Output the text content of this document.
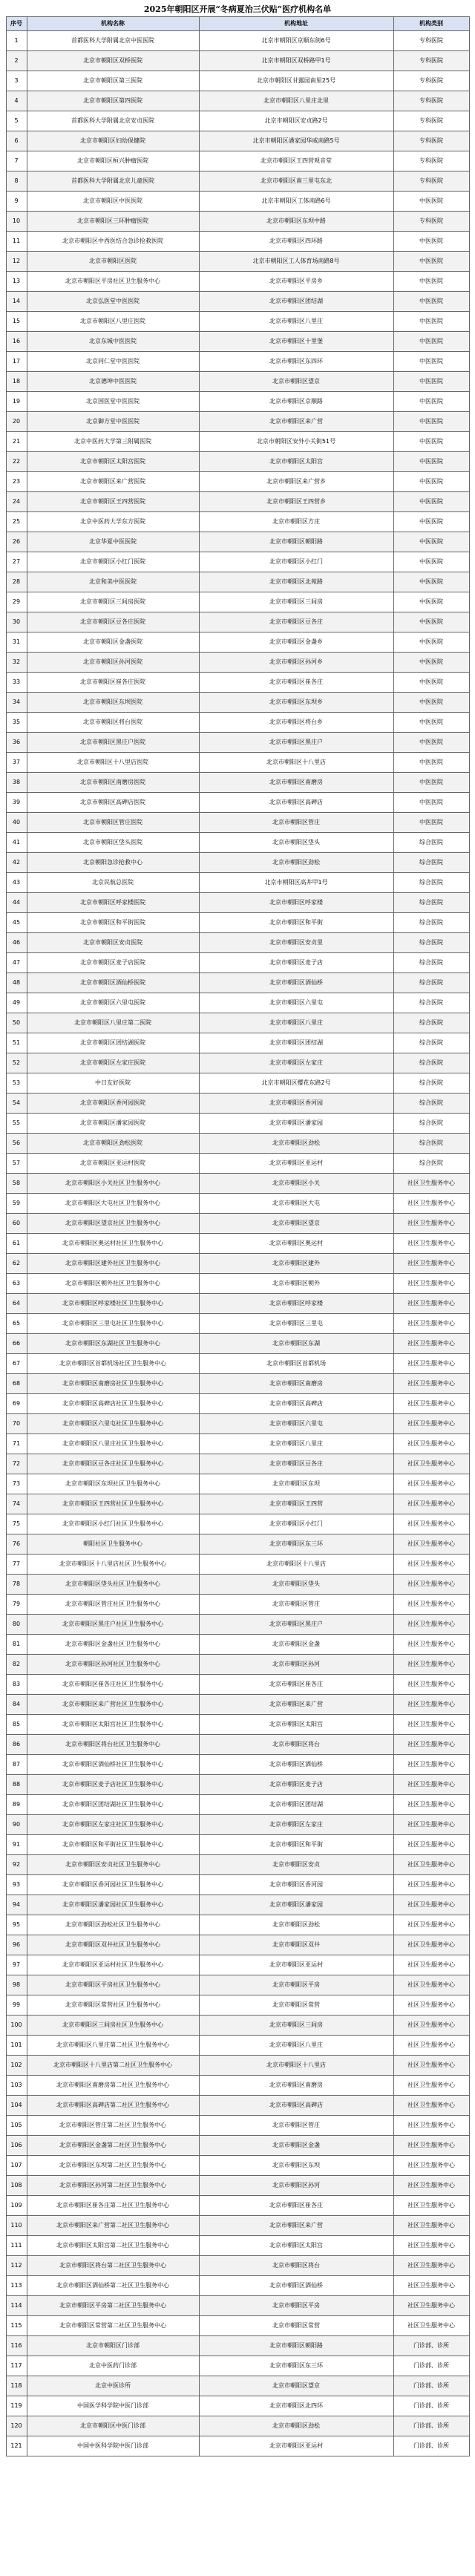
2025年朝阳区开展“冬病夏治三伏贴”医疗机构名单
序号	机构名称	机构地址	机构类别
1	首都医科大学附属北京中医医院	北京市朝阳区京顺东街6号	专科医院
2	北京市朝阳区双桥医院	北京市朝阳区双桥路甲1号	专科医院
3	北京市朝阳区第三医院	北京市朝阳区甘露园南里25号	专科医院
4	北京市朝阳区第四医院	北京市朝阳区八里庄北里	专科医院
5	首都医科大学附属北京安贞医院	北京市朝阳区安贞路2号	专科医院
6	北京市朝阳区妇幼保健院	北京市朝阳区潘家园华威南路5号	专科医院
7	北京市朝阳区桓兴肿瘤医院	北京市朝阳区王四营观音堂	专科医院
8	首都医科大学附属北京儿童医院	北京市朝阳区南三里屯东北	专科医院
9	北京市朝阳区中医医院	北京市朝阳区工体南路6号	中医医院
10	北京市朝阳区三环肿瘤医院	北京市朝阳区东坝中路	专科医院
11	北京市朝阳区中西医结合急诊抢救医院	北京市朝阳区四环路	中医医院
12	北京市朝阳区医院	北京市朝阳区工人体育场南路8号	中医医院
13	北京市朝阳区平房社区卫生服务中心	北京市朝阳区平房乡	中医医院
14	北京弘医堂中医医院	北京市朝阳区团结湖	中医医院
15	北京市朝阳区八里庄医院	北京市朝阳区八里庄	中医医院
16	北京东城中医医院	北京市朝阳区十里堡	中医医院
17	北京同仁堂中医医院	北京市朝阳区东四环	中医医院
18	北京德坤中医医院	北京市朝阳区望京	中医医院
19	北京国医堂中医医院	北京市朝阳区京顺路	中医医院
20	北京御方堂中医医院	北京市朝阳区来广营	中医医院
21	北京中医药大学第三附属医院	北京市朝阳区安外小关街51号	中医医院
22	北京市朝阳区太阳宫医院	北京市朝阳区太阳宫	中医医院
23	北京市朝阳区来广营医院	北京市朝阳区来广营乡	中医医院
24	北京市朝阳区王四营医院	北京市朝阳区王四营乡	中医医院
25	北京中医药大学东方医院	北京市朝阳区方庄	中医医院
26	北京华夏中医医院	北京市朝阳区朝阳路	中医医院
27	北京市朝阳区小红门医院	北京市朝阳区小红门	中医医院
28	北京和美中医医院	北京市朝阳区北苑路	中医医院
29	北京市朝阳区三间房医院	北京市朝阳区三间房	中医医院
30	北京市朝阳区豆各庄医院	北京市朝阳区豆各庄	中医医院
31	北京市朝阳区金盏医院	北京市朝阳区金盏乡	中医医院
32	北京市朝阳区孙河医院	北京市朝阳区孙河乡	中医医院
33	北京市朝阳区崔各庄医院	北京市朝阳区崔各庄	中医医院
34	北京市朝阳区东坝医院	北京市朝阳区东坝乡	中医医院
35	北京市朝阳区将台医院	北京市朝阳区将台乡	中医医院
36	北京市朝阳区黑庄户医院	北京市朝阳区黑庄户	中医医院
37	北京市朝阳区十八里店医院	北京市朝阳区十八里店	中医医院
38	北京市朝阳区南磨房医院	北京市朝阳区南磨房	中医医院
39	北京市朝阳区高碑店医院	北京市朝阳区高碑店	中医医院
40	北京市朝阳区管庄医院	北京市朝阳区管庄	中医医院
41	北京市朝阳区垡头医院	北京市朝阳区垡头	综合医院
42	北京朝阳急诊抢救中心	北京市朝阳区劲松	综合医院
43	北京民航总医院	北京市朝阳区高井甲1号	综合医院
44	北京市朝阳区呼家楼医院	北京市朝阳区呼家楼	综合医院
45	北京市朝阳区和平街医院	北京市朝阳区和平街	综合医院
46	北京市朝阳区安贞医院	北京市朝阳区安贞里	综合医院
47	北京市朝阳区麦子店医院	北京市朝阳区麦子店	综合医院
48	北京市朝阳区酒仙桥医院	北京市朝阳区酒仙桥	综合医院
49	北京市朝阳区六里屯医院	北京市朝阳区六里屯	综合医院
50	北京市朝阳区八里庄第二医院	北京市朝阳区八里庄	综合医院
51	北京市朝阳区团结湖医院	北京市朝阳区团结湖	综合医院
52	北京市朝阳区左家庄医院	北京市朝阳区左家庄	综合医院
53	中日友好医院	北京市朝阳区樱花东路2号	综合医院
54	北京市朝阳区香河园医院	北京市朝阳区香河园	综合医院
55	北京市朝阳区潘家园医院	北京市朝阳区潘家园	综合医院
56	北京市朝阳区劲松医院	北京市朝阳区劲松	综合医院
57	北京市朝阳区亚运村医院	北京市朝阳区亚运村	综合医院
58	北京市朝阳区小关社区卫生服务中心	北京市朝阳区小关	社区卫生服务中心
59	北京市朝阳区大屯社区卫生服务中心	北京市朝阳区大屯	社区卫生服务中心
60	北京市朝阳区望京社区卫生服务中心	北京市朝阳区望京	社区卫生服务中心
61	北京市朝阳区奥运村社区卫生服务中心	北京市朝阳区奥运村	社区卫生服务中心
62	北京市朝阳区建外社区卫生服务中心	北京市朝阳区建外	社区卫生服务中心
63	北京市朝阳区朝外社区卫生服务中心	北京市朝阳区朝外	社区卫生服务中心
64	北京市朝阳区呼家楼社区卫生服务中心	北京市朝阳区呼家楼	社区卫生服务中心
65	北京市朝阳区三里屯社区卫生服务中心	北京市朝阳区三里屯	社区卫生服务中心
66	北京市朝阳区东湖社区卫生服务中心	北京市朝阳区东湖	社区卫生服务中心
67	北京市朝阳区首都机场社区卫生服务中心	北京市朝阳区首都机场	社区卫生服务中心
68	北京市朝阳区南磨房社区卫生服务中心	北京市朝阳区南磨房	社区卫生服务中心
69	北京市朝阳区高碑店社区卫生服务中心	北京市朝阳区高碑店	社区卫生服务中心
70	北京市朝阳区六里屯社区卫生服务中心	北京市朝阳区六里屯	社区卫生服务中心
71	北京市朝阳区八里庄社区卫生服务中心	北京市朝阳区八里庄	社区卫生服务中心
72	北京市朝阳区豆各庄社区卫生服务中心	北京市朝阳区豆各庄	社区卫生服务中心
73	北京市朝阳区东坝社区卫生服务中心	北京市朝阳区东坝	社区卫生服务中心
74	北京市朝阳区王四营社区卫生服务中心	北京市朝阳区王四营	社区卫生服务中心
75	北京市朝阳区小红门社区卫生服务中心	北京市朝阳区小红门	社区卫生服务中心
76	朝阳社区卫生服务中心	北京市朝阳区东三环	社区卫生服务中心
77	北京市朝阳区十八里店社区卫生服务中心	北京市朝阳区十八里店	社区卫生服务中心
78	北京市朝阳区垡头社区卫生服务中心	北京市朝阳区垡头	社区卫生服务中心
79	北京市朝阳区管庄社区卫生服务中心	北京市朝阳区管庄	社区卫生服务中心
80	北京市朝阳区黑庄户社区卫生服务中心	北京市朝阳区黑庄户	社区卫生服务中心
81	北京市朝阳区金盏社区卫生服务中心	北京市朝阳区金盏	社区卫生服务中心
82	北京市朝阳区孙河社区卫生服务中心	北京市朝阳区孙河	社区卫生服务中心
83	北京市朝阳区崔各庄社区卫生服务中心	北京市朝阳区崔各庄	社区卫生服务中心
84	北京市朝阳区来广营社区卫生服务中心	北京市朝阳区来广营	社区卫生服务中心
85	北京市朝阳区太阳宫社区卫生服务中心	北京市朝阳区太阳宫	社区卫生服务中心
86	北京市朝阳区将台社区卫生服务中心	北京市朝阳区将台	社区卫生服务中心
87	北京市朝阳区酒仙桥社区卫生服务中心	北京市朝阳区酒仙桥	社区卫生服务中心
88	北京市朝阳区麦子店社区卫生服务中心	北京市朝阳区麦子店	社区卫生服务中心
89	北京市朝阳区团结湖社区卫生服务中心	北京市朝阳区团结湖	社区卫生服务中心
90	北京市朝阳区左家庄社区卫生服务中心	北京市朝阳区左家庄	社区卫生服务中心
91	北京市朝阳区和平街社区卫生服务中心	北京市朝阳区和平街	社区卫生服务中心
92	北京市朝阳区安贞社区卫生服务中心	北京市朝阳区安贞	社区卫生服务中心
93	北京市朝阳区香河园社区卫生服务中心	北京市朝阳区香河园	社区卫生服务中心
94	北京市朝阳区潘家园社区卫生服务中心	北京市朝阳区潘家园	社区卫生服务中心
95	北京市朝阳区劲松社区卫生服务中心	北京市朝阳区劲松	社区卫生服务中心
96	北京市朝阳区双井社区卫生服务中心	北京市朝阳区双井	社区卫生服务中心
97	北京市朝阳区亚运村社区卫生服务中心	北京市朝阳区亚运村	社区卫生服务中心
98	北京市朝阳区平房社区卫生服务中心	北京市朝阳区平房	社区卫生服务中心
99	北京市朝阳区常营社区卫生服务中心	北京市朝阳区常营	社区卫生服务中心
100	北京市朝阳区三间房社区卫生服务中心	北京市朝阳区三间房	社区卫生服务中心
101	北京市朝阳区八里庄第二社区卫生服务中心	北京市朝阳区八里庄	社区卫生服务中心
102	北京市朝阳区十八里店第二社区卫生服务中心	北京市朝阳区十八里店	社区卫生服务中心
103	北京市朝阳区南磨房第二社区卫生服务中心	北京市朝阳区南磨房	社区卫生服务中心
104	北京市朝阳区高碑店第二社区卫生服务中心	北京市朝阳区高碑店	社区卫生服务中心
105	北京市朝阳区管庄第二社区卫生服务中心	北京市朝阳区管庄	社区卫生服务中心
106	北京市朝阳区金盏第二社区卫生服务中心	北京市朝阳区金盏	社区卫生服务中心
107	北京市朝阳区东坝第二社区卫生服务中心	北京市朝阳区东坝	社区卫生服务中心
108	北京市朝阳区孙河第二社区卫生服务中心	北京市朝阳区孙河	社区卫生服务中心
109	北京市朝阳区崔各庄第二社区卫生服务中心	北京市朝阳区崔各庄	社区卫生服务中心
110	北京市朝阳区来广营第二社区卫生服务中心	北京市朝阳区来广营	社区卫生服务中心
111	北京市朝阳区太阳宫第二社区卫生服务中心	北京市朝阳区太阳宫	社区卫生服务中心
112	北京市朝阳区将台第二社区卫生服务中心	北京市朝阳区将台	社区卫生服务中心
113	北京市朝阳区酒仙桥第二社区卫生服务中心	北京市朝阳区酒仙桥	社区卫生服务中心
114	北京市朝阳区平房第二社区卫生服务中心	北京市朝阳区平房	社区卫生服务中心
115	北京市朝阳区常营第二社区卫生服务中心	北京市朝阳区常营	社区卫生服务中心
116	北京市朝阳区门诊部	北京市朝阳区朝阳路	门诊部、诊所
117	北京中医药门诊部	北京市朝阳区东三环	门诊部、诊所
118	北京中医诊所	北京市朝阳区望京	门诊部、诊所
119	中国医学科学院中医门诊部	北京市朝阳区北四环	门诊部、诊所
120	北京市朝阳区中医门诊部	北京市朝阳区劲松	门诊部、诊所
121	中国中医科学院中医门诊部	北京市朝阳区亚运村	门诊部、诊所
